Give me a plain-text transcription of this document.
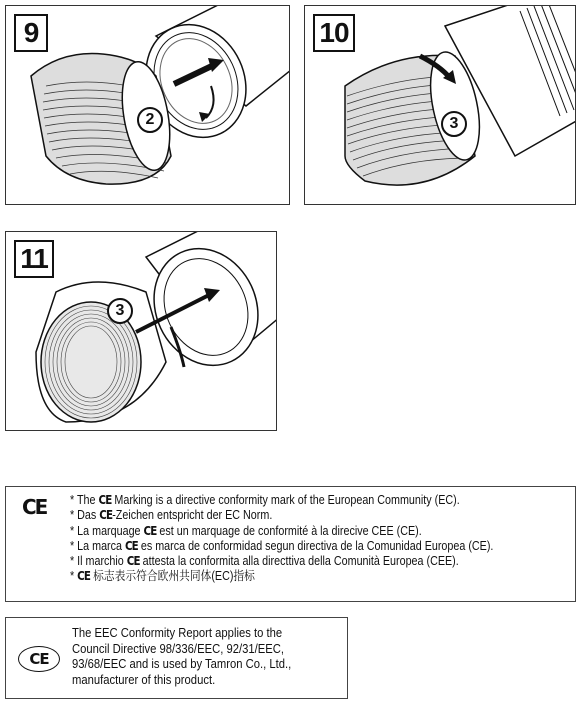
9
2
10
3
11
3
CE * The CE Marking is a directive conformity mark of the European Community (EC).
* Das CE-Zeichen entspricht der EC Norm.
* La marquage CE est un marquage de conformité à la direcive CEE (CE).
* La marca CE es marca de conformidad segun directiva de la Comunidad Europea (CE).
* Il marchio CE attesta la conformita alla directtiva della Comunità Europea (CEE).
* CE 标志表示符合欧州共同体(EC)指标
CE
The EEC Conformity Report applies to the Council Directive 98/336/EEC, 92/31/EEC, 93/68/EEC and is used by Tamron Co., Ltd., manufacturer of this product.
